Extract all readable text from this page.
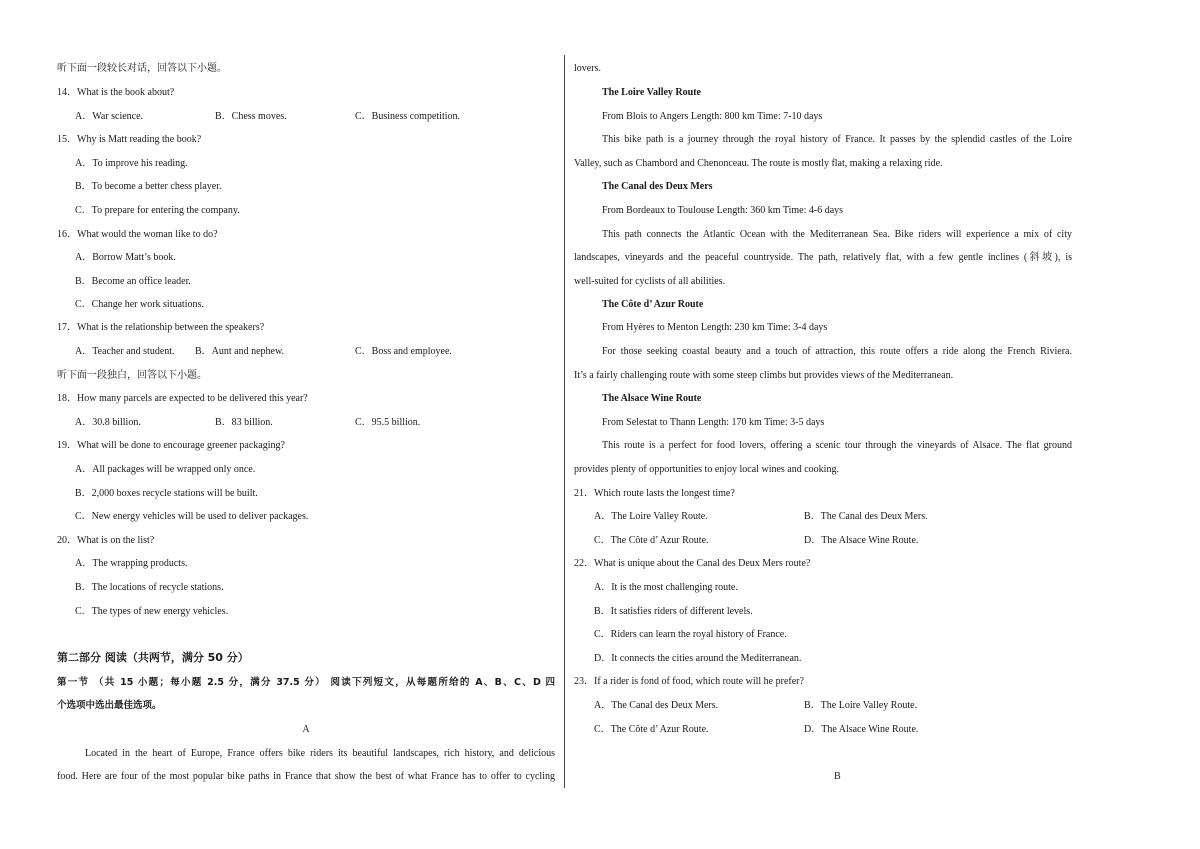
听下面一段较长对话，回答以下小题。
14．What is the book about?
A．War science.	B．Chess moves.	C．Business competition.
15．Why is Matt reading the book?
A．To improve his reading.
B．To become a better chess player.
C．To prepare for entering the company.
16．What would the woman like to do?
A．Borrow Matt’s book.
B．Become an office leader.
C．Change her work situations.
17．What is the relationship between the speakers?
A．Teacher and student. B．Aunt and nephew.	C．Boss and employee.
听下面一段独白，回答以下小题。
18．How many parcels are expected to be delivered this year?
A．30.8 billion.	B．83 billion.	C．95.5 billion.
19．What will be done to encourage greener packaging?
A．All packages will be wrapped only once.
B．2,000 boxes recycle stations will be built.
C．New energy vehicles will be used to deliver packages.
20．What is on the list?
A．The wrapping products.
B．The locations of recycle stations.
C．The types of new energy vehicles.
第二部分 阅读（共两节，满分 50 分）
第一节 （共 15 小题；每小题 2.5 分，满分 37.5 分） 阅读下列短文，从每题所给的 A、B、C、D 四
个选项中选出最佳选项。
A
Located in the heart of Europe, France offers bike riders its beautiful landscapes, rich history, and delicious
food. Here are four of the most popular bike paths in France that show the best of what France has to offer to cycling
lovers.
The Loire Valley Route
From Blois to Angers Length: 800 km Time: 7-10 days
This bike path is a journey through the royal history of France. It passes by the splendid castles of the Loire
Valley, such as Chambord and Chenonceau. The route is mostly flat, making a relaxing ride.
The Canal des Deux Mers
From Bordeaux to Toulouse Length: 360 km Time: 4-6 days
This path connects the Atlantic Ocean with the Mediterranean Sea. Bike riders will experience a mix of city
landscapes, vineyards and the peaceful countryside. The path, relatively flat, with a few gentle inclines (斜坡), is
well-suited for cyclists of all abilities.
The Côte d’ Azur Route
From Hyères to Menton Length: 230 km Time: 3-4 days
For those seeking coastal beauty and a touch of attraction, this route offers a ride along the French Riviera.
It’s a fairly challenging route with some steep climbs but provides views of the Mediterranean.
The Alsace Wine Route
From Selestat to Thann Length: 170 km Time: 3-5 days
This route is a perfect for food lovers, offering a scenic tour through the vineyards of Alsace. The flat ground
provides plenty of opportunities to enjoy local wines and cooking.
21．Which route lasts the longest time?
A．The Loire Valley Route.	B．The Canal des Deux Mers.
C．The Côte d’ Azur Route.	D．The Alsace Wine Route.
22．What is unique about the Canal des Deux Mers route?
A．It is the most challenging route.
B．It satisfies riders of different levels.
C．Riders can learn the royal history of France.
D．It connects the cities around the Mediterranean.
23．If a rider is fond of food, which route will he prefer?
A．The Canal des Deux Mers.	B．The Loire Valley Route.
C．The Côte d’ Azur Route.	D．The Alsace Wine Route.
B
